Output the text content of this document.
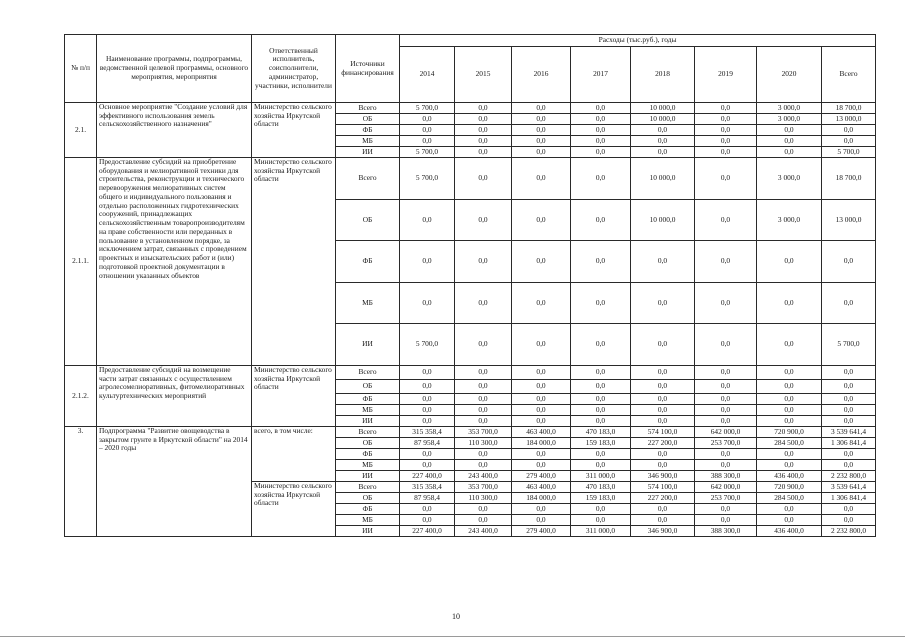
№ п/п	Наименование программы, подпрограммы, ведомственной целевой программы, основного мероприятия, мероприятия	Ответственный исполнитель, соисполнители, администратор, участники, исполнители	Источники финансирования	Расходы (тыс.руб.), годы							
				2014	2015	2016	2017	2018	2019	2020	Всего
2.1.	Основное мероприятие "Создание условий для эффективного использования земель сельскохозяйственного назначения"	Министерство сельского хозяйства Иркутской области	Всего	5 700,0	0,0	0,0	0,0	10 000,0	0,0	3 000,0	18 700,0
			ОБ	0,0	0,0	0,0	0,0	10 000,0	0,0	3 000,0	13 000,0
			ФБ	0,0	0,0	0,0	0,0	0,0	0,0	0,0	0,0
			МБ	0,0	0,0	0,0	0,0	0,0	0,0	0,0	0,0
			ИИ	5 700,0	0,0	0,0	0,0	0,0	0,0	0,0	5 700,0
2.1.1.	Предоставление субсидий на приобретение оборудования и мелиоративной техники для строительства, реконструкции и технического перевооружения мелиоративных систем общего и индивидуального пользования и отдельно расположенных гидротехнических сооружений, принадлежащих сельскохозяйственным товаропроизводителям на праве собственности или переданных в пользование в установленном порядке, за исключением затрат, связанных с проведением проектных и изыскательских работ и (или) подготовкой проектной документации в отношении указанных объектов	Министерство сельского хозяйства Иркутской области	Всего	5 700,0	0,0	0,0	0,0	10 000,0	0,0	3 000,0	18 700,0
			ОБ	0,0	0,0	0,0	0,0	10 000,0	0,0	3 000,0	13 000,0
			ФБ	0,0	0,0	0,0	0,0	0,0	0,0	0,0	0,0
			МБ	0,0	0,0	0,0	0,0	0,0	0,0	0,0	0,0
			ИИ	5 700,0	0,0	0,0	0,0	0,0	0,0	0,0	5 700,0
2.1.2.	Предоставление субсидий на возмещение части затрат связанных с осуществлением агролесомелиоративных, фитомелиоративных культуртехнических мероприятий	Министерство сельского хозяйства Иркутской области	Всего	0,0	0,0	0,0	0,0	0,0	0,0	0,0	0,0
			ОБ	0,0	0,0	0,0	0,0	0,0	0,0	0,0	0,0
			ФБ	0,0	0,0	0,0	0,0	0,0	0,0	0,0	0,0
			МБ	0,0	0,0	0,0	0,0	0,0	0,0	0,0	0,0
			ИИ	0,0	0,0	0,0	0,0	0,0	0,0	0,0	0,0
3.	Подпрограмма "Развитие овощеводства в закрытом грунте в Иркутской области" на 2014 – 2020 годы	всего, в том числе:	Всего	315 358,4	353 700,0	463 400,0	470 183,0	574 100,0	642 000,0	720 900,0	3 539 641,4
			ОБ	87 958,4	110 300,0	184 000,0	159 183,0	227 200,0	253 700,0	284 500,0	1 306 841,4
			ФБ	0,0	0,0	0,0	0,0	0,0	0,0	0,0	0,0
			МБ	0,0	0,0	0,0	0,0	0,0	0,0	0,0	0,0
			ИИ	227 400,0	243 400,0	279 400,0	311 000,0	346 900,0	388 300,0	436 400,0	2 232 800,0
		Министерство сельского хозяйства Иркутской области	Всего	315 358,4	353 700,0	463 400,0	470 183,0	574 100,0	642 000,0	720 900,0	3 539 641,4
			ОБ	87 958,4	110 300,0	184 000,0	159 183,0	227 200,0	253 700,0	284 500,0	1 306 841,4
			ФБ	0,0	0,0	0,0	0,0	0,0	0,0	0,0	0,0
			МБ	0,0	0,0	0,0	0,0	0,0	0,0	0,0	0,0
			ИИ	227 400,0	243 400,0	279 400,0	311 000,0	346 900,0	388 300,0	436 400,0	2 232 800,0
10
